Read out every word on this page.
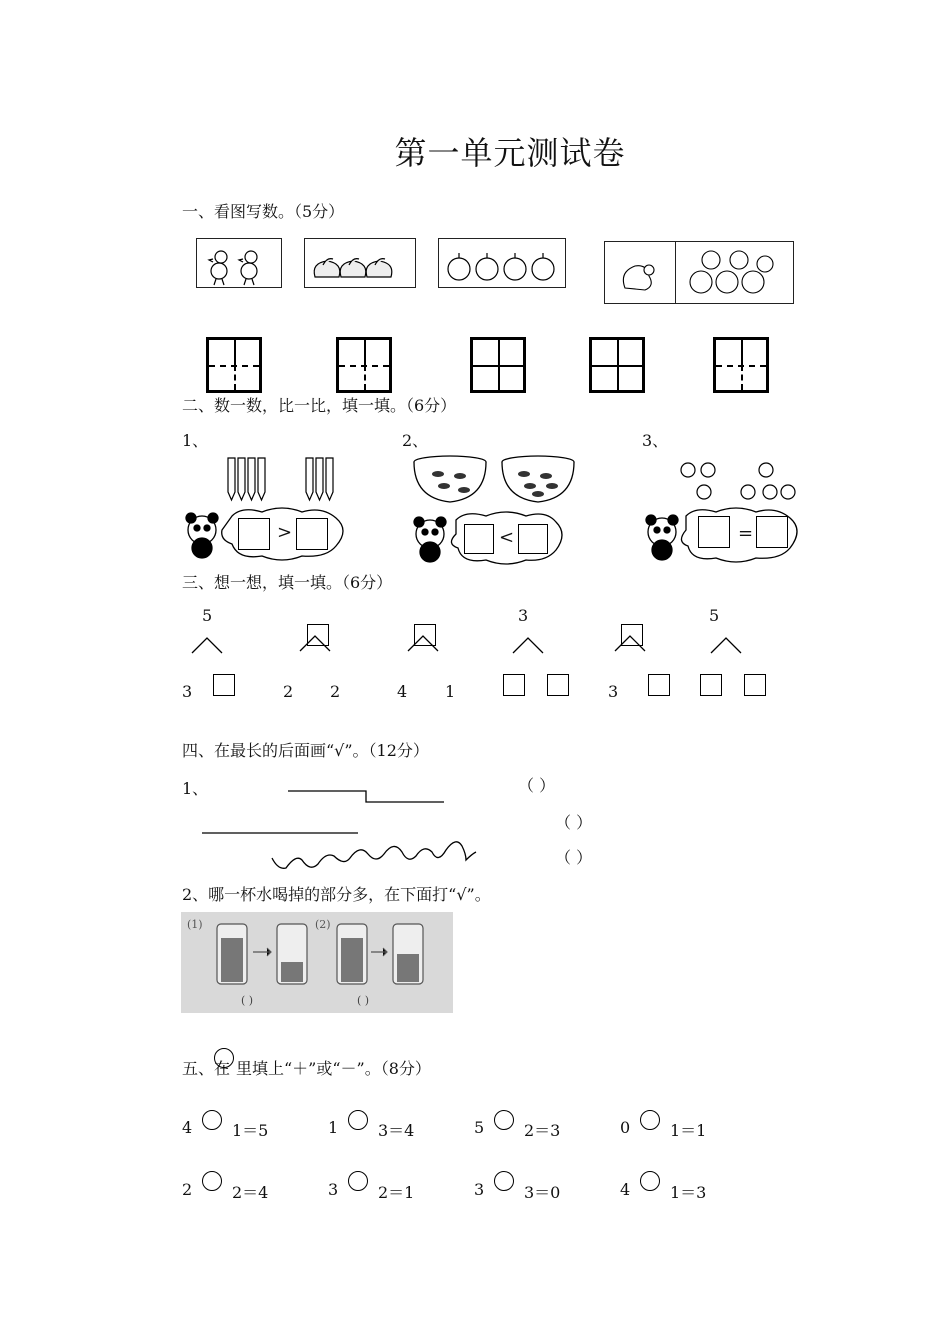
第一单元测试卷
一、看图写数。（5分）
二、数一数，比一比，填一填。（6分）
1、	2、	3、
>	<	=
三、想一想，填一填。（6分）
5
3	2 2	4 1
3
3
5
四、在最长的后面画“√”。（12分）
1、	（ ）
（ ）
（ ）
2、哪一杯水喝掉的部分多，在下面打“√”。
(1)	(2)
( )	( )
五、在 里填上“＋”或“－”。（8分）
4 1＝5	1 3＝4	5 2＝3	0 1＝1
2 2＝4	3 2＝1	3 3＝0	4 1＝3
